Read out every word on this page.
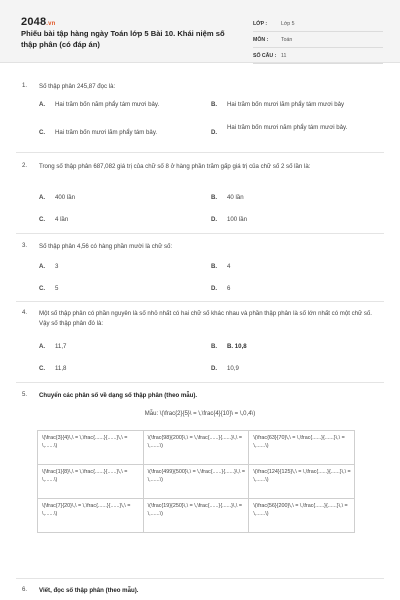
2048.vn
Phiếu bài tập hàng ngày Toán lớp 5 Bài 10. Khái niệm số thập phân (có đáp án)
LỚP :	Lớp 5
MÔN :	Toán
SỐ CÂU : 11
1. Số thập phân 245,87 đọc là:
A. Hai trăm bốn năm phẩy tám mươi bảy.	B. Hai trăm bốn mươi lăm phẩy tám mươi bảy
C. Hai trăm bốn mươi lăm phẩy tám bảy.	D.
Hai trăm bốn mươi năm phẩy tám mươi bảy.
2. Trong số thập phân 687,082 giá trị của chữ số 8 ở hàng phần trăm gấp giá trị của chữ số 2 số lần là:
A. 400 lần	B. 40 lần
C. 4 lần	D. 100 lần
3. Số thập phân 4,56 có hàng phần mười là chữ số:
A. 3	B. 4
C. 5	D. 6
4. Một số thập phân có phần nguyên là số nhỏ nhất có hai chữ số khác nhau và phần thập phân là số lớn nhất có một chữ số. Vậy số thập phân đó là:
A. 11,7	B. B. 10,8
C. 11,8	D. 10,9
5. Chuyển các phân số về dạng số thập phân (theo mẫu).
Mẫu: \(\frac{2}{5}\ = \,\frac{4}{10}\ = \,0,4\)
\(\frac{3}{4}\,\ = \,\frac{......}{......}\,\ = \,......\)	\(\frac{98}{200}\,\ = \,\frac{......}{......}\,\ = \,......\)	\(\frac{63}{70}\,\ = \,\frac{......}{......}\,\ = \,......\)
\(\frac{1}{8}\,\ = \,\frac{......}{......}\,\ = \,......\)	\(\frac{499}{500}\,\ = \,\frac{......}{......}\,\ = \,......\)	\(\frac{124}{125}\,\ = \,\frac{......}{......}\,\ = \,......\)
\(\frac{7}{20}\,\ = \,\frac{......}{......}\,\ = \,......\)	\(\frac{19}{250}\,\ = \,\frac{......}{......}\,\ = \,......\)	\(\frac{56}{200}\,\ = \,\frac{......}{......}\,\ = \,......\)
6. Viết, đọc số thập phân (theo mẫu).
